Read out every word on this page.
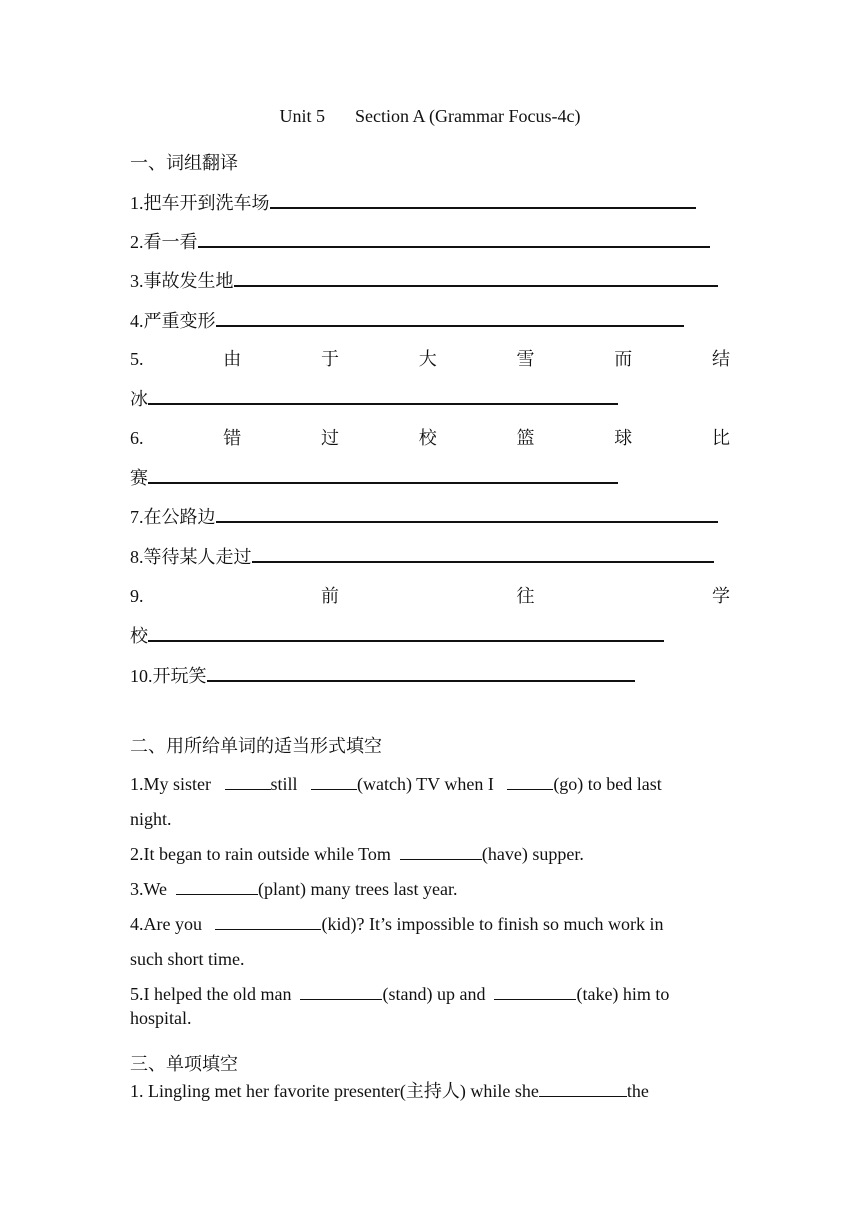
Unit 5 Section A (Grammar Focus-4c)
一、词组翻译
1.把车开到洗车场
2.看一看
3.事故发生地
4.严重变形
5.	由	于	大	雪	而	结
冰
6.	错	过	校	篮	球	比
赛
7.在公路边
8.等待某人走过
9.	前	往	学
校
10.开玩笑
二、用所给单词的适当形式填空
1.My sister	still	(watch) TV when I	(go) to bed last
night.
2.It began to rain outside while Tom	(have) supper.
3.We	(plant) many trees last year.
4.Are you	(kid)? It’s impossible to finish so much work in
such short time.
5.I helped the old man	(stand) up and	(take) him to
hospital.
三、单项填空
1. Lingling met her favorite presenter(主持人) while she	the
